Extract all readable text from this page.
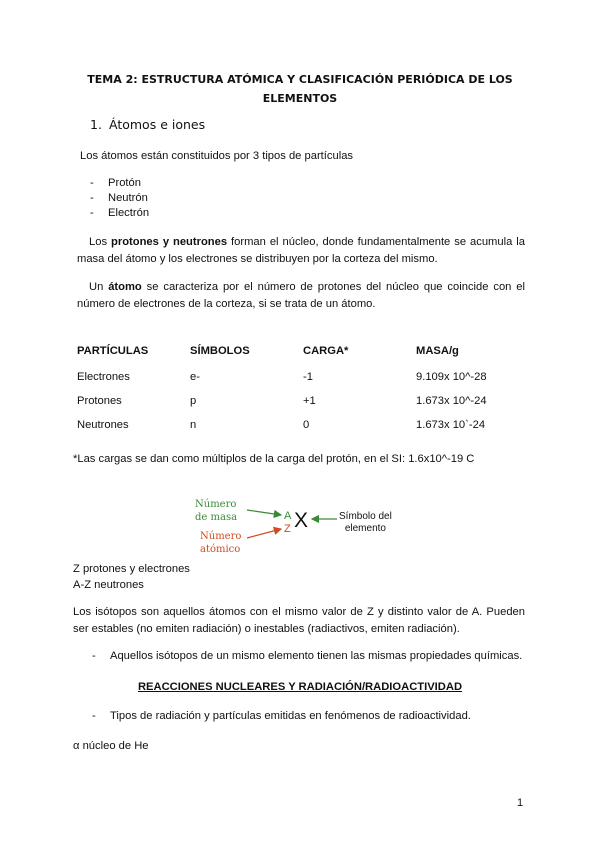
TEMA 2: ESTRUCTURA ATÓMICA Y CLASIFICACIÓN PERIÓDICA DE LOS ELEMENTOS
1. Átomos e iones
Los átomos están constituidos por 3 tipos de partículas
- Protón
- Neutrón
- Electrón
Los protones y neutrones forman el núcleo, donde fundamentalmente se acumula la masa del átomo y los electrones se distribuyen por la corteza del mismo.
Un átomo se caracteriza por el número de protones del núcleo que coincide con el número de electrones de la corteza, si se trata de un átomo.
PARTÍCULAS	SÍMBOLOS	CARGA*	MASA/g
Electrones	e-	-1	9.109x 10^-28
Protones	p	+1	1.673x 10^-24
Neutrones	n	0	1.673x 10`-24
*Las cargas se dan como múltiplos de la carga del protón, en el SI: 1.6x10^-19 C
Número
de masa
Número
atómico
A
Z X	Símbolo del
elemento
Z protones y electrones
A-Z neutrones
Los isótopos son aquellos átomos con el mismo valor de Z y distinto valor de A. Pueden ser estables (no emiten radiación) o inestables (radiactivos, emiten radiación).
- Aquellos isótopos de un mismo elemento tienen las mismas propiedades químicas.
REACCIONES NUCLEARES Y RADIACIÓN/RADIOACTIVIDAD
- Tipos de radiación y partículas emitidas en fenómenos de radioactividad.
α núcleo de He
1
